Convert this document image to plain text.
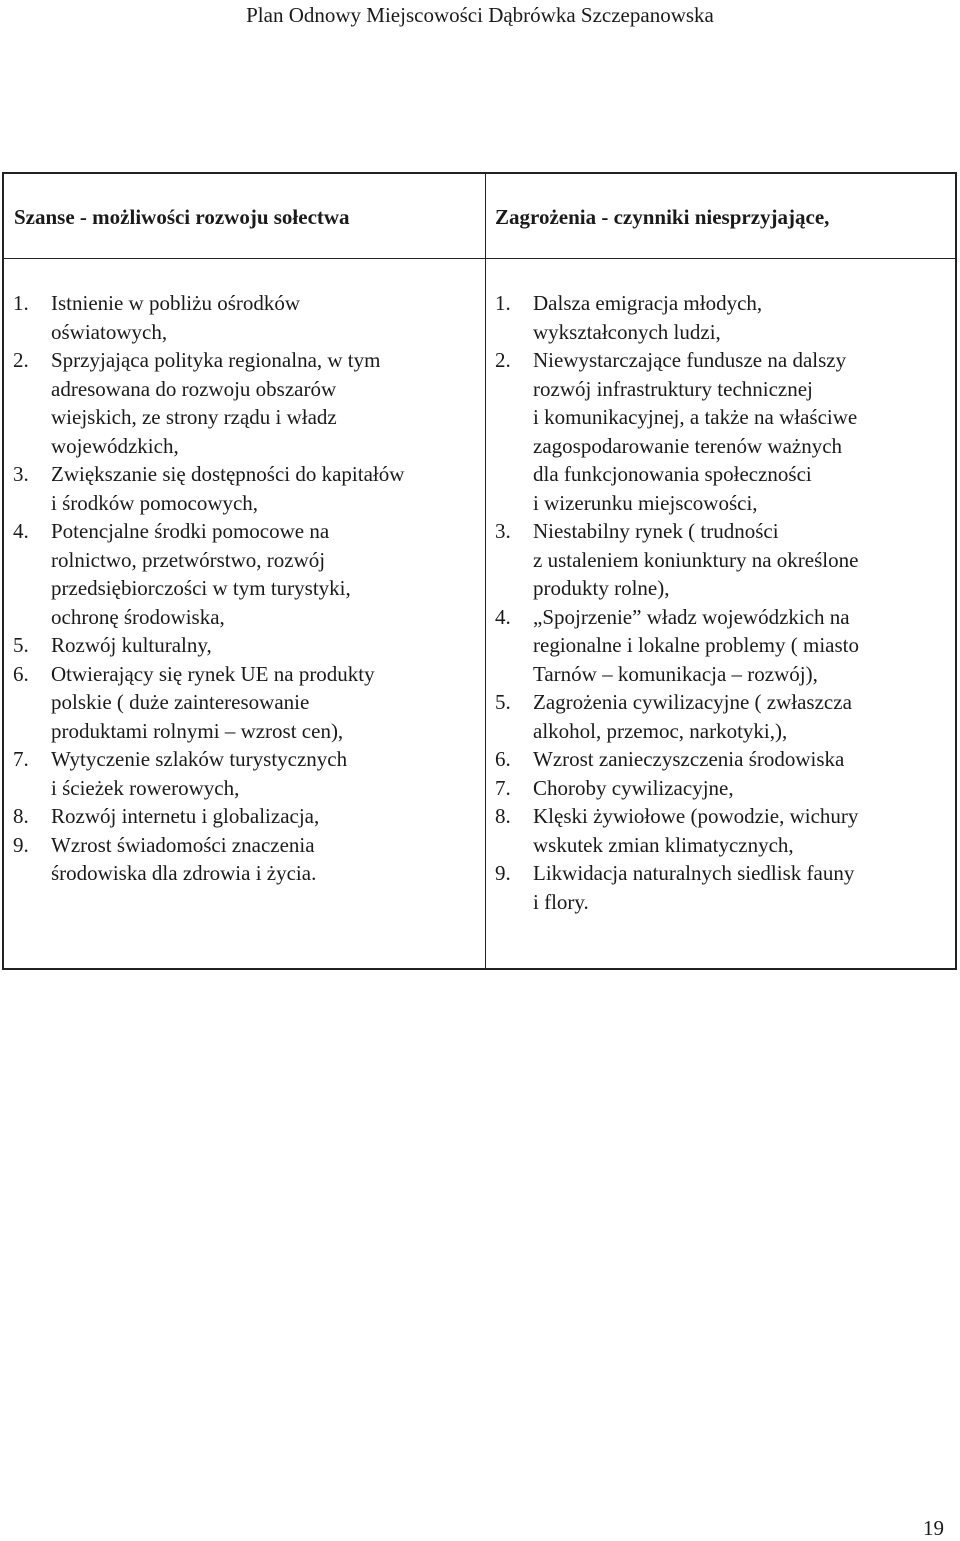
Plan Odnowy Miejscowości Dąbrówka Szczepanowska
Szanse - możliwości rozwoju sołectwa	Zagrożenia - czynniki niesprzyjające,
1. Istnienie w pobliżu ośrodków
oświatowych,
2. Sprzyjająca polityka regionalna, w tym
adresowana do rozwoju obszarów
wiejskich, ze strony rządu i władz
wojewódzkich,
3. Zwiększanie się dostępności do kapitałów
i środków pomocowych,
4. Potencjalne środki pomocowe na
rolnictwo, przetwórstwo, rozwój
przedsiębiorczości w tym turystyki,
ochronę środowiska,
5. Rozwój kulturalny,
6. Otwierający się rynek UE na produkty
polskie ( duże zainteresowanie
produktami rolnymi – wzrost cen),
7. Wytyczenie szlaków turystycznych
i ścieżek rowerowych,
8. Rozwój internetu i globalizacja,
9. Wzrost świadomości znaczenia
środowiska dla zdrowia i życia.
1. Dalsza emigracja młodych,
wykształconych ludzi,
2. Niewystarczające fundusze na dalszy
rozwój infrastruktury technicznej
i komunikacyjnej, a także na właściwe
zagospodarowanie terenów ważnych
dla funkcjonowania społeczności
i wizerunku miejscowości,
3. Niestabilny rynek ( trudności
z ustaleniem koniunktury na określone
produkty rolne),
4. „Spojrzenie” władz wojewódzkich na
regionalne i lokalne problemy ( miasto
Tarnów – komunikacja – rozwój),
5. Zagrożenia cywilizacyjne ( zwłaszcza
alkohol, przemoc, narkotyki,),
6. Wzrost zanieczyszczenia środowiska
7. Choroby cywilizacyjne,
8. Klęski żywiołowe (powodzie, wichury
wskutek zmian klimatycznych,
9. Likwidacja naturalnych siedlisk fauny
i flory.
19
